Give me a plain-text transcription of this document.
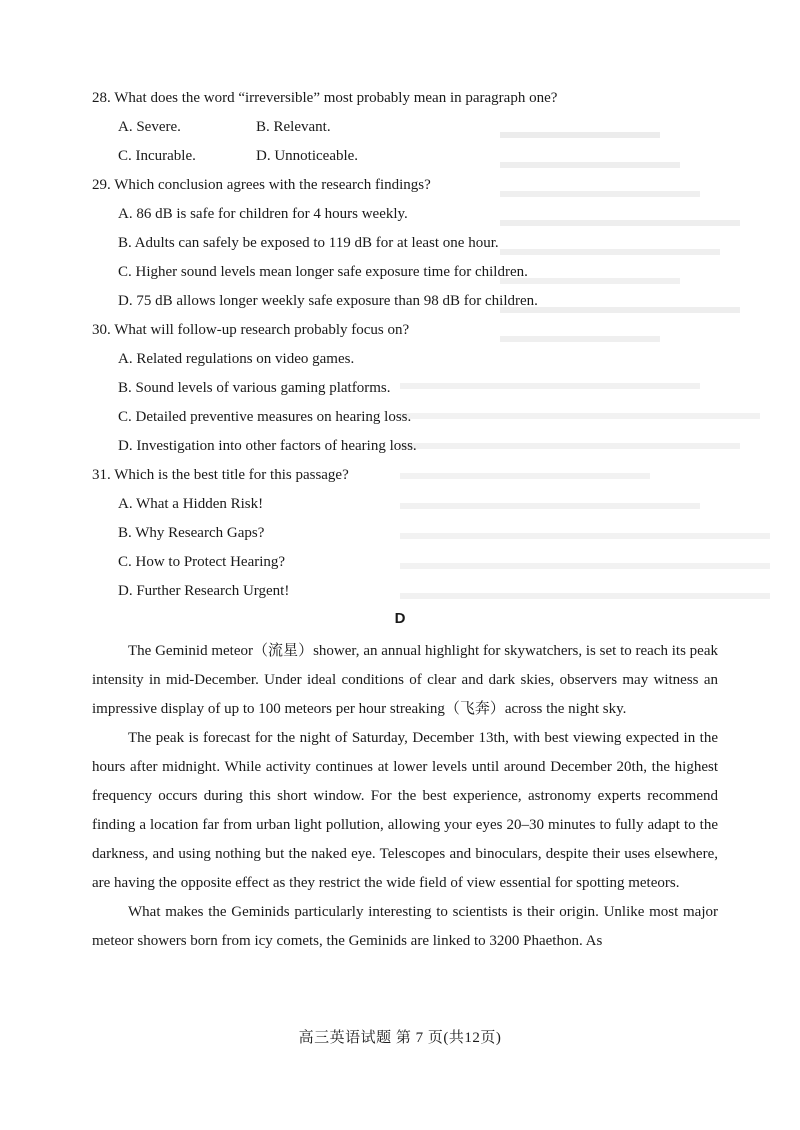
28. What does the word “irreversible” most probably mean in paragraph one?
A. Severe.	B. Relevant.
C. Incurable.	D. Unnoticeable.
29. Which conclusion agrees with the research findings?
A. 86 dB is safe for children for 4 hours weekly.
B. Adults can safely be exposed to 119 dB for at least one hour.
C. Higher sound levels mean longer safe exposure time for children.
D. 75 dB allows longer weekly safe exposure than 98 dB for children.
30. What will follow-up research probably focus on?
A. Related regulations on video games.
B. Sound levels of various gaming platforms.
C. Detailed preventive measures on hearing loss.
D. Investigation into other factors of hearing loss.
31. Which is the best title for this passage?
A. What a Hidden Risk!
B. Why Research Gaps?
C. How to Protect Hearing?
D. Further Research Urgent!
D

The Geminid meteor（流星）shower, an annual highlight for skywatchers, is set to reach its peak intensity in mid-December. Under ideal conditions of clear and dark skies, observers may witness an impressive display of up to 100 meteors per hour streaking（飞奔）across the night sky.

The peak is forecast for the night of Saturday, December 13th, with best viewing expected in the hours after midnight. While activity continues at lower levels until around December 20th, the highest frequency occurs during this short window. For the best experience, astronomy experts recommend finding a location far from urban light pollution, allowing your eyes 20–30 minutes to fully adapt to the darkness, and using nothing but the naked eye. Telescopes and binoculars, despite their uses elsewhere, are having the opposite effect as they restrict the wide field of view essential for spotting meteors.

What makes the Geminids particularly interesting to scientists is their origin. Unlike most major meteor showers born from icy comets, the Geminids are linked to 3200 Phaethon. As

高三英语试题 第 7 页(共12页)
